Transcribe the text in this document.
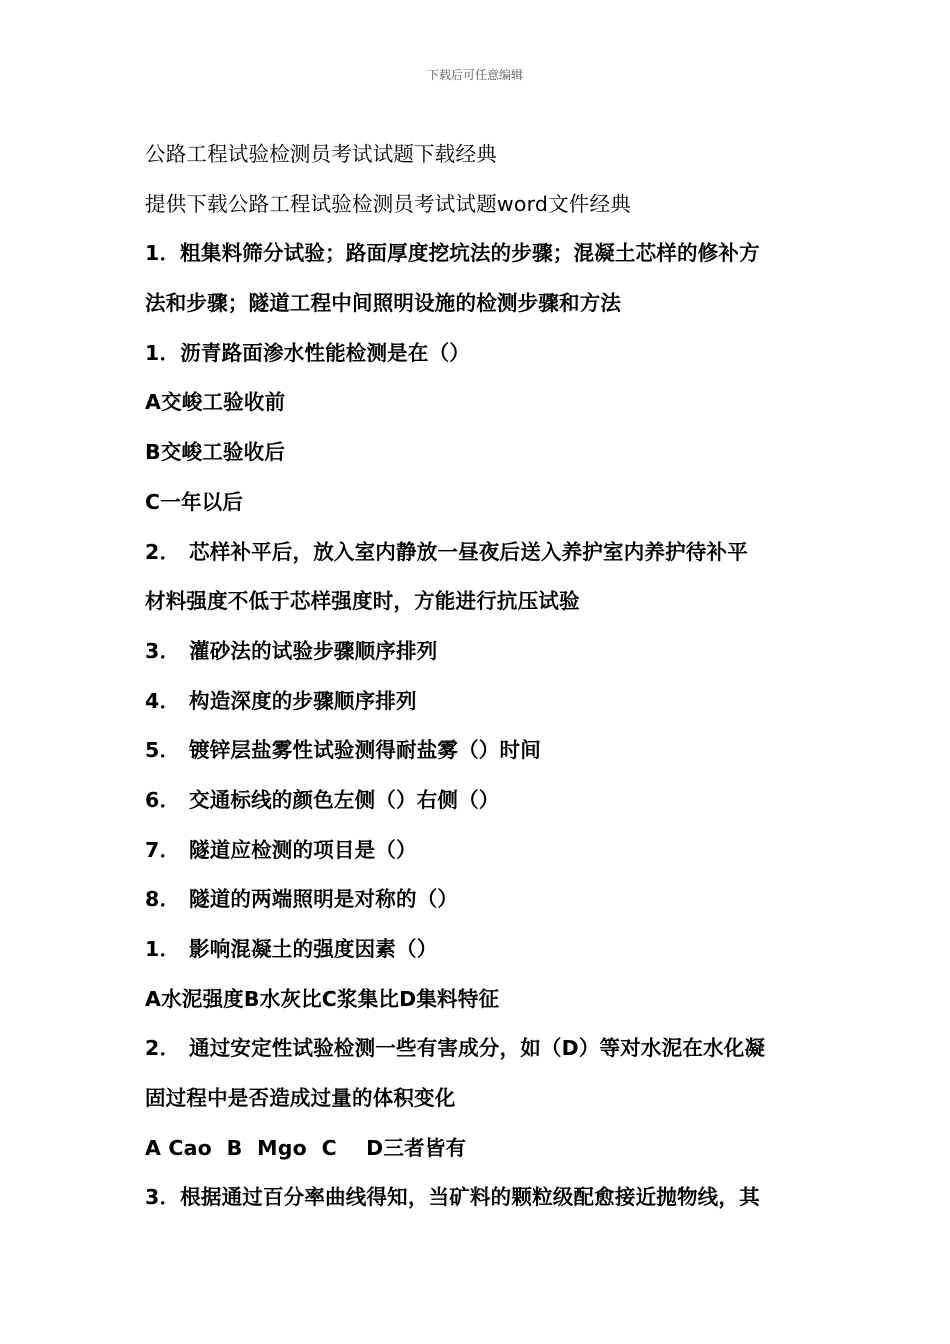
下载后可任意编辑
公路工程试验检测员考试试题下载经典
提供下载公路工程试验检测员考试试题word文件经典
1．粗集料筛分试验；路面厚度挖坑法的步骤；混凝土芯样的修补方
法和步骤；隧道工程中间照明设施的检测步骤和方法
1．沥青路面渗水性能检测是在（）
A交峻工验收前
B交峻工验收后
C一年以后
2． 芯样补平后，放入室内静放一昼夜后送入养护室内养护待补平
材料强度不低于芯样强度时，方能进行抗压试验
3． 灌砂法的试验步骤顺序排列
4． 构造深度的步骤顺序排列
5． 镀锌层盐雾性试验测得耐盐雾（）时间
6． 交通标线的颜色左侧（）右侧（）
7． 隧道应检测的项目是（）
8． 隧道的两端照明是对称的（）
1． 影响混凝土的强度因素（）
A水泥强度B水灰比C浆集比D集料特征
2． 通过安定性试验检测一些有害成分，如（D）等对水泥在水化凝
固过程中是否造成过量的体积变化
A Cao  B  Mgo  C    D三者皆有
3．根据通过百分率曲线得知，当矿料的颗粒级配愈接近抛物线，其
